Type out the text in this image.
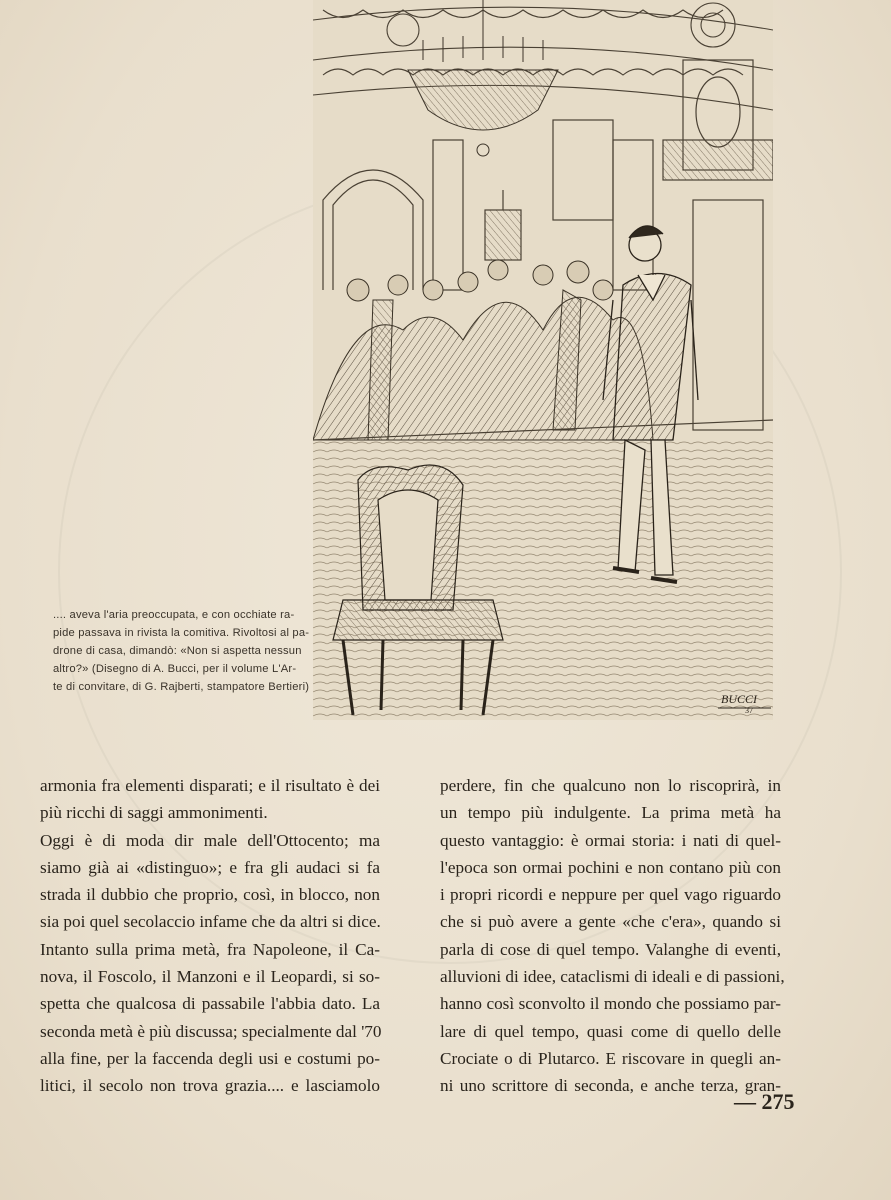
BUCCI
37

.... aveva l'aria preoccupata, e con occhiate ra-
pide passava in rivista la comitiva. Rivoltosi al pa-
drone di casa, dimandò: «Non si aspetta nessun
altro?» (Disegno di A. Bucci, per il volume L'Ar-
te di convitare, di G. Rajberti, stampatore Bertieri)

armonia fra elementi disparati; e il risultato è dei
più ricchi di saggi ammonimenti.
Oggi è di moda dir male dell'Ottocento; ma
siamo già ai «distinguo»; e fra gli audaci si fa
strada il dubbio che proprio, così, in blocco, non
sia poi quel secolaccio infame che da altri si dice.
Intanto sulla prima metà, fra Napoleone, il Ca-
nova, il Foscolo, il Manzoni e il Leopardi, si so-
spetta che qualcosa di passabile l'abbia dato. La
seconda metà è più discussa; specialmente dal '70
alla fine, per la faccenda degli usi e costumi po-
litici, il secolo non trova grazia.... e lasciamolo

perdere, fin che qualcuno non lo riscoprirà, in
un tempo più indulgente. La prima metà ha
questo vantaggio: è ormai storia: i nati di quel-
l'epoca son ormai pochini e non contano più con
i propri ricordi e neppure per quel vago riguardo
che si può avere a gente «che c'era», quando si
parla di cose di quel tempo. Valanghe di eventi,
alluvioni di idee, cataclismi di ideali e di passioni,
hanno così sconvolto il mondo che possiamo par-
lare di quel tempo, quasi come di quello delle
Crociate o di Plutarco. E riscovare in quegli an-
ni uno scrittore di seconda, e anche terza, gran-

— 275
